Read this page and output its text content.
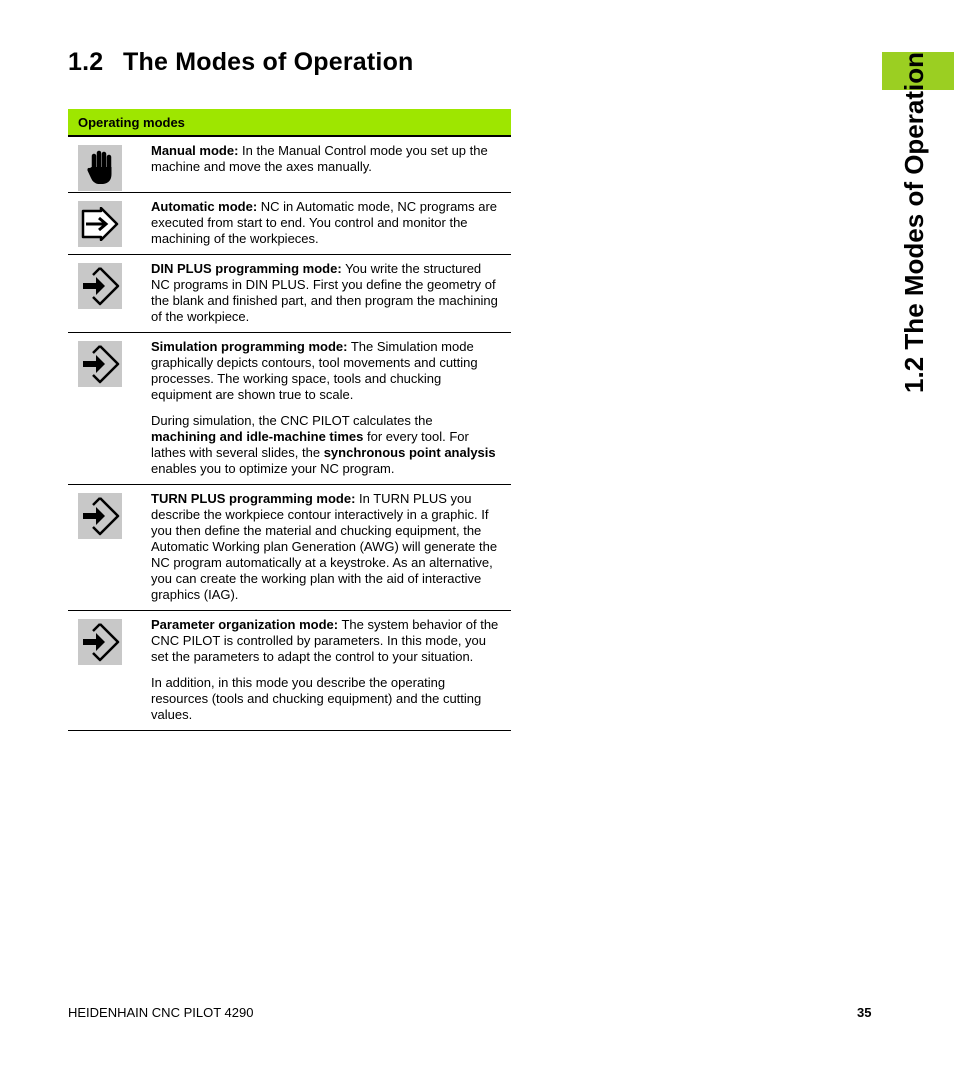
1.2 The Modes of Operation	1.2 The Modes of Operation
Operating modes	

Manual mode: In the Manual Control mode you set up the machine and move the axes manually.

Automatic mode: NC in Automatic mode, NC programs are executed from start to end. You control and monitor the machining of the workpieces.

DIN PLUS programming mode: You write the structured NC programs in DIN PLUS. First you define the geometry of the blank and finished part, and then program the machining of the workpiece.

Simulation programming mode: The Simulation mode graphically depicts contours, tool movements and cutting processes. The working space, tools and chucking equipment are shown true to scale.

During simulation, the CNC PILOT calculates the machining and idle-machine times for every tool. For lathes with several slides, the synchronous point analysis enables you to optimize your NC program.

TURN PLUS programming mode: In TURN PLUS you describe the workpiece contour interactively in a graphic. If you then define the material and chucking equipment, the Automatic Working plan Generation (AWG) will generate the NC program automatically at a keystroke. As an alternative, you can create the working plan with the aid of interactive graphics (IAG).

Parameter organization mode: The system behavior of the CNC PILOT is controlled by parameters. In this mode, you set the parameters to adapt the control to your situation.

In addition, in this mode you describe the operating resources (tools and chucking equipment) and the cutting values.

HEIDENHAIN CNC PILOT 4290	35
